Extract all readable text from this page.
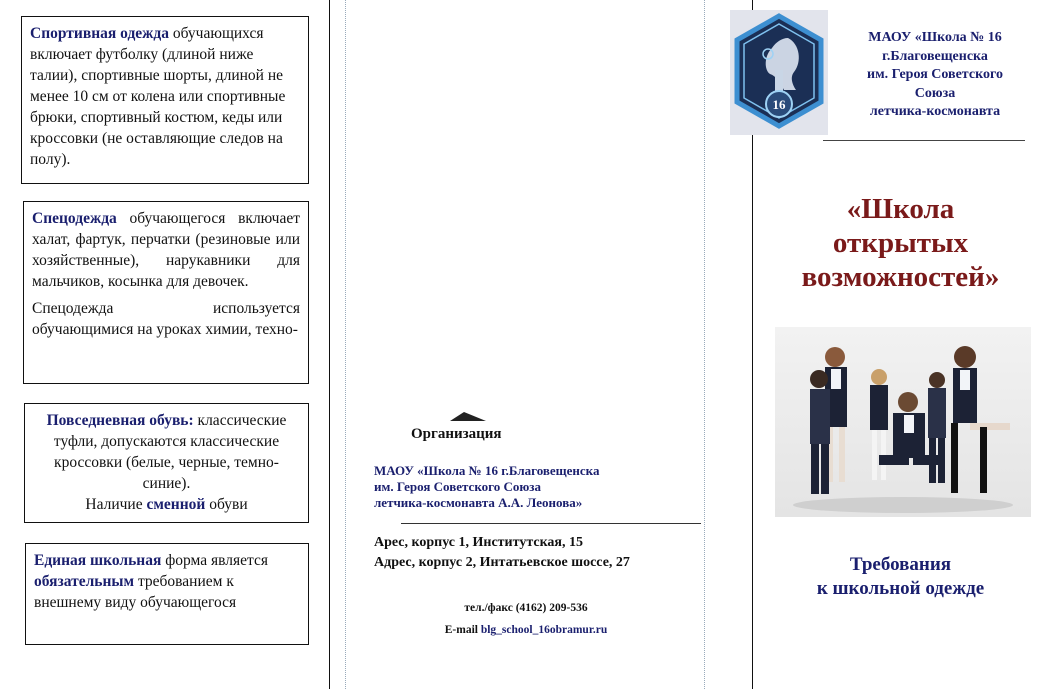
Спортивная одежда обучающихся включает футболку (длиной ниже талии), спортивные шорты, длиной не менее 10 см от колена или спортивные брюки, спортивный костюм, кеды или кроссовки (не оставляющие следов на полу).

Спецодежда обучающегося включает халат, фартук, перчатки (резиновые или хозяйственные), нарукавники для мальчиков, косынка для девочек.

Спецодежда используется обучающимися на уроках химии, техно-

Повседневная обувь: классические туфли, допускаются классические кроссовки (белые, черные, темно-синие).

Наличие сменной обуви

Единая школьная форма является обязательным требованием к внешнему виду обучающегося

Организация
МАОУ «Школа № 16 г.Благовещенска
им. Героя Советского Союза
летчика-космонавта А.А. Леонова»
Арес, корпус 1, Институтская, 15
Адрес, корпус 2, Интатьевское шоссе, 27
тел./факс (4162) 209-536
E-mail blg_school_16obramur.ru
16
МАОУ «Школа № 16
г.Благовещенска
им. Героя Советского
Союза
летчика-космонавта
«Школа
открытых
возможностей»
Требования
к школьной одежде
